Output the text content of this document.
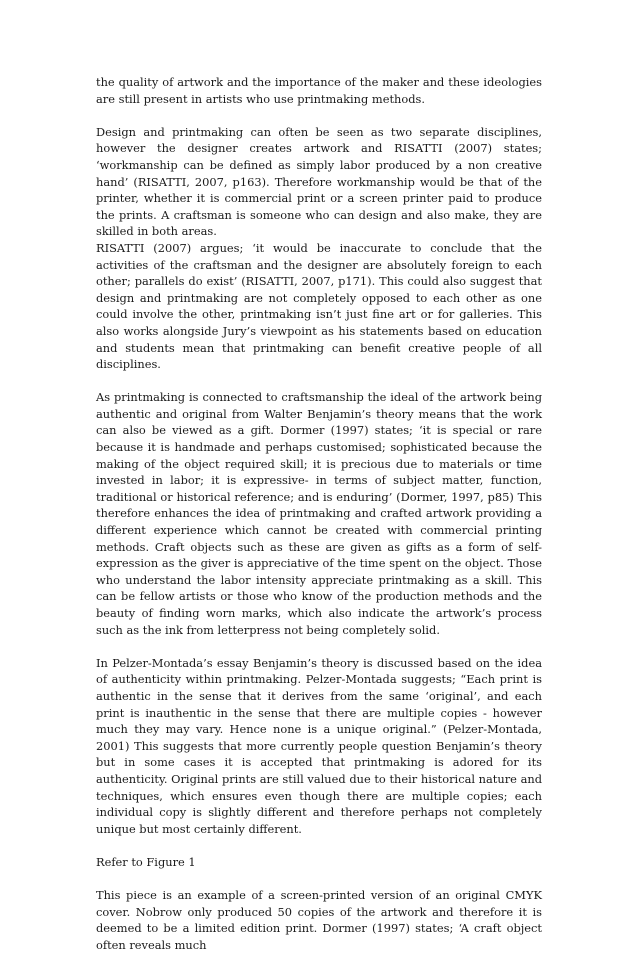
the quality of artwork and the importance of the maker and these ideologies are still present in artists who use printmaking methods.

Design and printmaking can often be seen as two separate disciplines, however the designer creates artwork and RISATTI (2007) states; ‘workmanship can be defined as simply labor produced by a non creative hand’ (RISATTI, 2007, p163). Therefore workmanship would be that of the printer, whether it is commercial print or a screen printer paid to produce the prints. A craftsman is someone who can design and also make, they are skilled in both areas.

RISATTI (2007) argues; ‘it would be inaccurate to conclude that the activities of the craftsman and the designer are absolutely foreign to each other; parallels do exist’ (RISATTI, 2007, p171). This could also suggest that design and printmaking are not completely opposed to each other as one could involve the other, printmaking isn’t just fine art or for galleries. This also works alongside Jury’s viewpoint as his statements based on education and students mean that printmaking can benefit creative people of all disciplines.

As printmaking is connected to craftsmanship the ideal of the artwork being authentic and original from Walter Benjamin’s theory means that the work can also be viewed as a gift. Dormer (1997) states; ‘it is special or rare because it is handmade and perhaps customised; sophisticated because the making of the object required skill; it is precious due to materials or time invested in labor; it is expressive- in terms of subject matter, function, traditional or historical reference; and is enduring’ (Dormer, 1997, p85) This therefore enhances the idea of printmaking and crafted artwork providing a different experience which cannot be created with commercial printing methods. Craft objects such as these are given as gifts as a form of self-expression as the giver is appreciative of the time spent on the object. Those who understand the labor intensity appreciate printmaking as a skill. This can be fellow artists or those who know of the production methods and the beauty of finding worn marks, which also indicate the artwork’s process such as the ink from letterpress not being completely solid.

In Pelzer-Montada’s essay Benjamin’s theory is discussed based on the idea of authenticity within printmaking. Pelzer-Montada suggests; “Each print is authentic in the sense that it derives from the same ‘original’, and each print is inauthentic in the sense that there are multiple copies - however much they may vary. Hence none is a unique original.” (Pelzer-Montada, 2001) This suggests that more currently people question Benjamin’s theory but in some cases it is accepted that printmaking is adored for its authenticity. Original prints are still valued due to their historical nature and techniques, which ensures even though there are multiple copies; each individual copy is slightly different and therefore perhaps not completely unique but most certainly different.

Refer to Figure 1

This piece is an example of a screen-printed version of an original CMYK cover. Nobrow only produced 50 copies of the artwork and therefore it is deemed to be a limited edition print. Dormer (1997) states; ‘A craft object often reveals much
